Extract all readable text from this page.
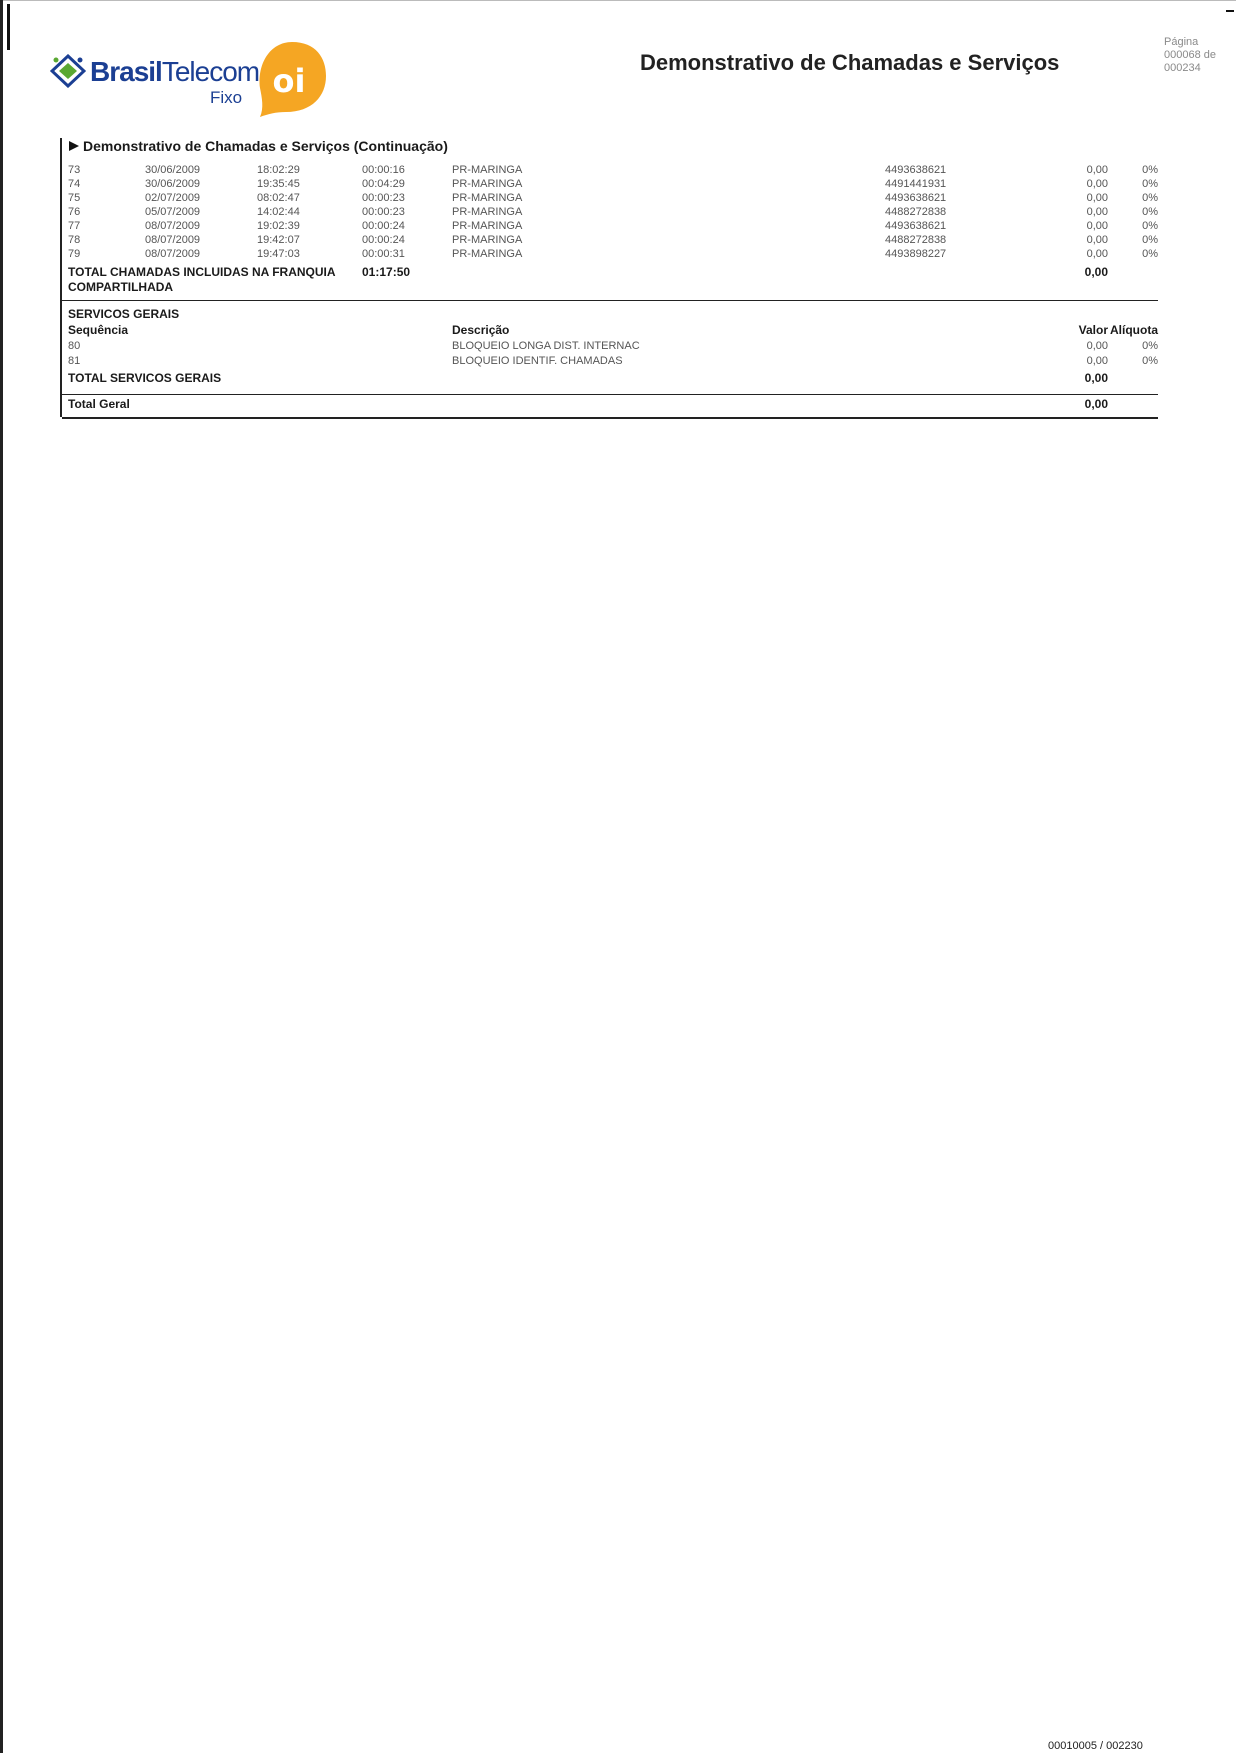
BrasilTelecom
Fixo oi	Demonstrativo de Chamadas e Serviços
Página
000068 de
000234
Demonstrativo de Chamadas e Serviços (Continuação)
73	30/06/2009	18:02:29	00:00:16	PR-MARINGA	4493638621	0,00	0%
74	30/06/2009	19:35:45	00:04:29	PR-MARINGA	4491441931	0,00	0%
75	02/07/2009	08:02:47	00:00:23	PR-MARINGA	4493638621	0,00	0%
76	05/07/2009	14:02:44	00:00:23	PR-MARINGA	4488272838	0,00	0%
77	08/07/2009	19:02:39	00:00:24	PR-MARINGA	4493638621	0,00	0%
78	08/07/2009	19:42:07	00:00:24	PR-MARINGA	4488272838	0,00	0%
79	08/07/2009	19:47:03	00:00:31	PR-MARINGA	4493898227	0,00	0%
TOTAL CHAMADAS INCLUIDAS NA FRANQUIA COMPARTILHADA
01:17:50	0,00
SERVICOS GERAIS
Sequência	Descrição	Valor Alíquota
80	BLOQUEIO LONGA DIST. INTERNAC	0,00	0%
81	BLOQUEIO IDENTIF. CHAMADAS	0,00	0%
TOTAL SERVICOS GERAIS	0,00
Total Geral	0,00
00010005 / 002230
